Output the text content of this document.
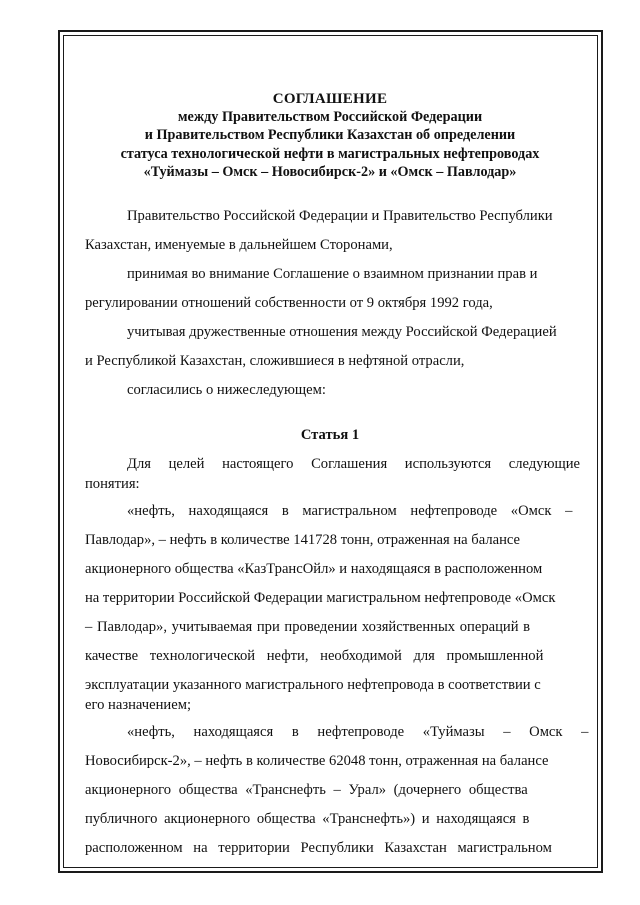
СОГЛАШЕНИЕ
между Правительством Российской Федерации
и Правительством Республики Казахстан об определении
статуса технологической нефти в магистральных нефтепроводах
«Туймазы – Омск – Новосибирск-2» и «Омск – Павлодар»
Правительство Российской Федерации и Правительство Республики
Казахстан, именуемые в дальнейшем Сторонами,
принимая во внимание Соглашение о взаимном признании прав и
регулировании отношений собственности от 9 октября 1992 года,
учитывая дружественные отношения между Российской Федерацией
и Республикой Казахстан, сложившиеся в нефтяной отрасли,
согласились о нижеследующем:
Статья 1
Для целей настоящего Соглашения используются следующие
понятия:
«нефть, находящаяся в магистральном нефтепроводе «Омск –
Павлодар», – нефть в количестве 141728 тонн, отраженная на балансе
акционерного общества «КазТрансОйл» и находящаяся в расположенном
на территории Российской Федерации магистральном нефтепроводе «Омск
– Павлодар», учитываемая при проведении хозяйственных операций в
качестве технологической нефти, необходимой для промышленной
эксплуатации указанного магистрального нефтепровода в соответствии с
его назначением;
«нефть, находящаяся в нефтепроводе «Туймазы – Омск –
Новосибирск-2», – нефть в количестве 62048 тонн, отраженная на балансе
акционерного общества «Транснефть – Урал» (дочернего общества
публичного акционерного общества «Транснефть») и находящаяся в
расположенном на территории Республики Казахстан магистральном
